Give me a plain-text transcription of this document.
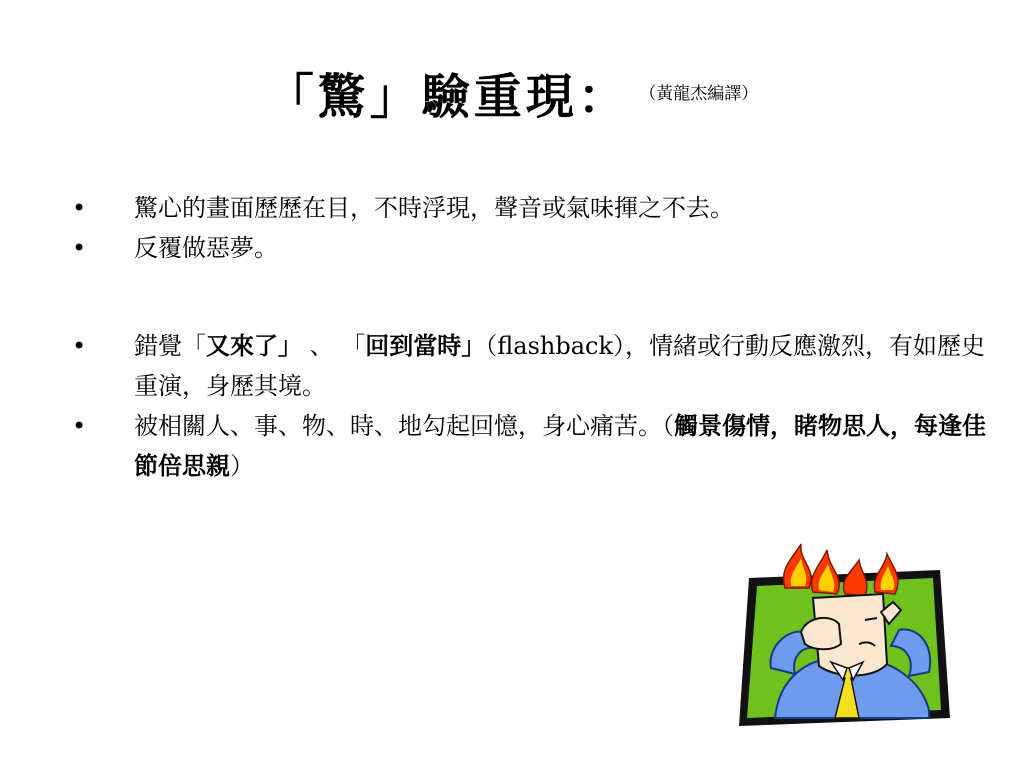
「驚」驗重現： （黃龍杰編譯）
• 驚心的畫面歷歷在目，不時浮現，聲音或氣味揮之不去。
• 反覆做惡夢。
• 錯覺「又來了」 、 「回到當時」（flashback），情緒或行動反應激烈，有如歷史重演，身歷其境。
• 被相關人、事、物、時、地勾起回憶，身心痛苦。（觸景傷情，睹物思人，每逢佳節倍思親）
